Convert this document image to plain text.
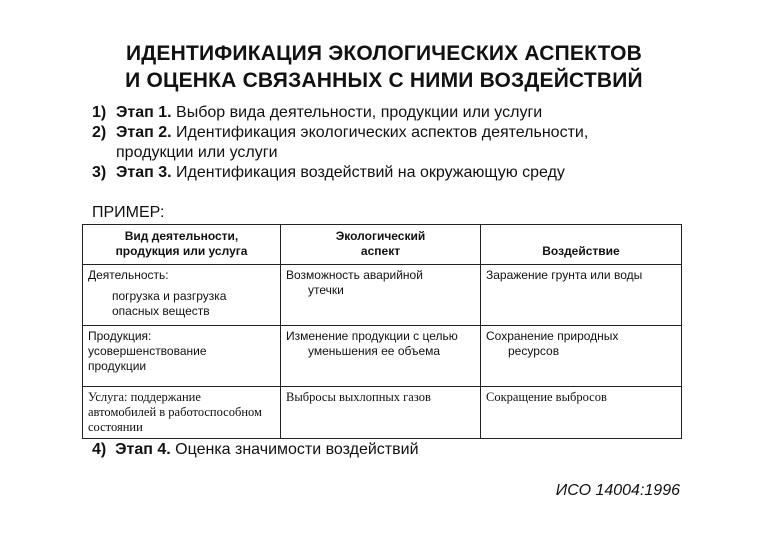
ИДЕНТИФИКАЦИЯ ЭКОЛОГИЧЕСКИХ АСПЕКТОВ
И ОЦЕНКА СВЯЗАННЫХ С НИМИ ВОЗДЕЙСТВИЙ
1) Этап 1. Выбор вида деятельности, продукции или услуги
2) Этап 2. Идентификация экологических аспектов деятельности,
продукции или услуги
3) Этап 3. Идентификация воздействий на окружающую среду
ПРИМЕР:
Вид деятельности,
продукция или услуга	Экологический
аспект	Воздействие
Деятельность:
погрузка и разгрузка
опасных веществ	Возможность аварийной
утечки	Заражение грунта или воды
Продукция:
усовершенствование
продукции	Изменение продукции с целью
уменьшения ее объема	Сохранение природных
ресурсов

Услуга: поддержание
автомобилей в работоспособном
состоянии	Выбросы выхлопных газов	Сокращение выбросов
4) Этап 4. Оценка значимости воздействий
ИСО 14004:1996
